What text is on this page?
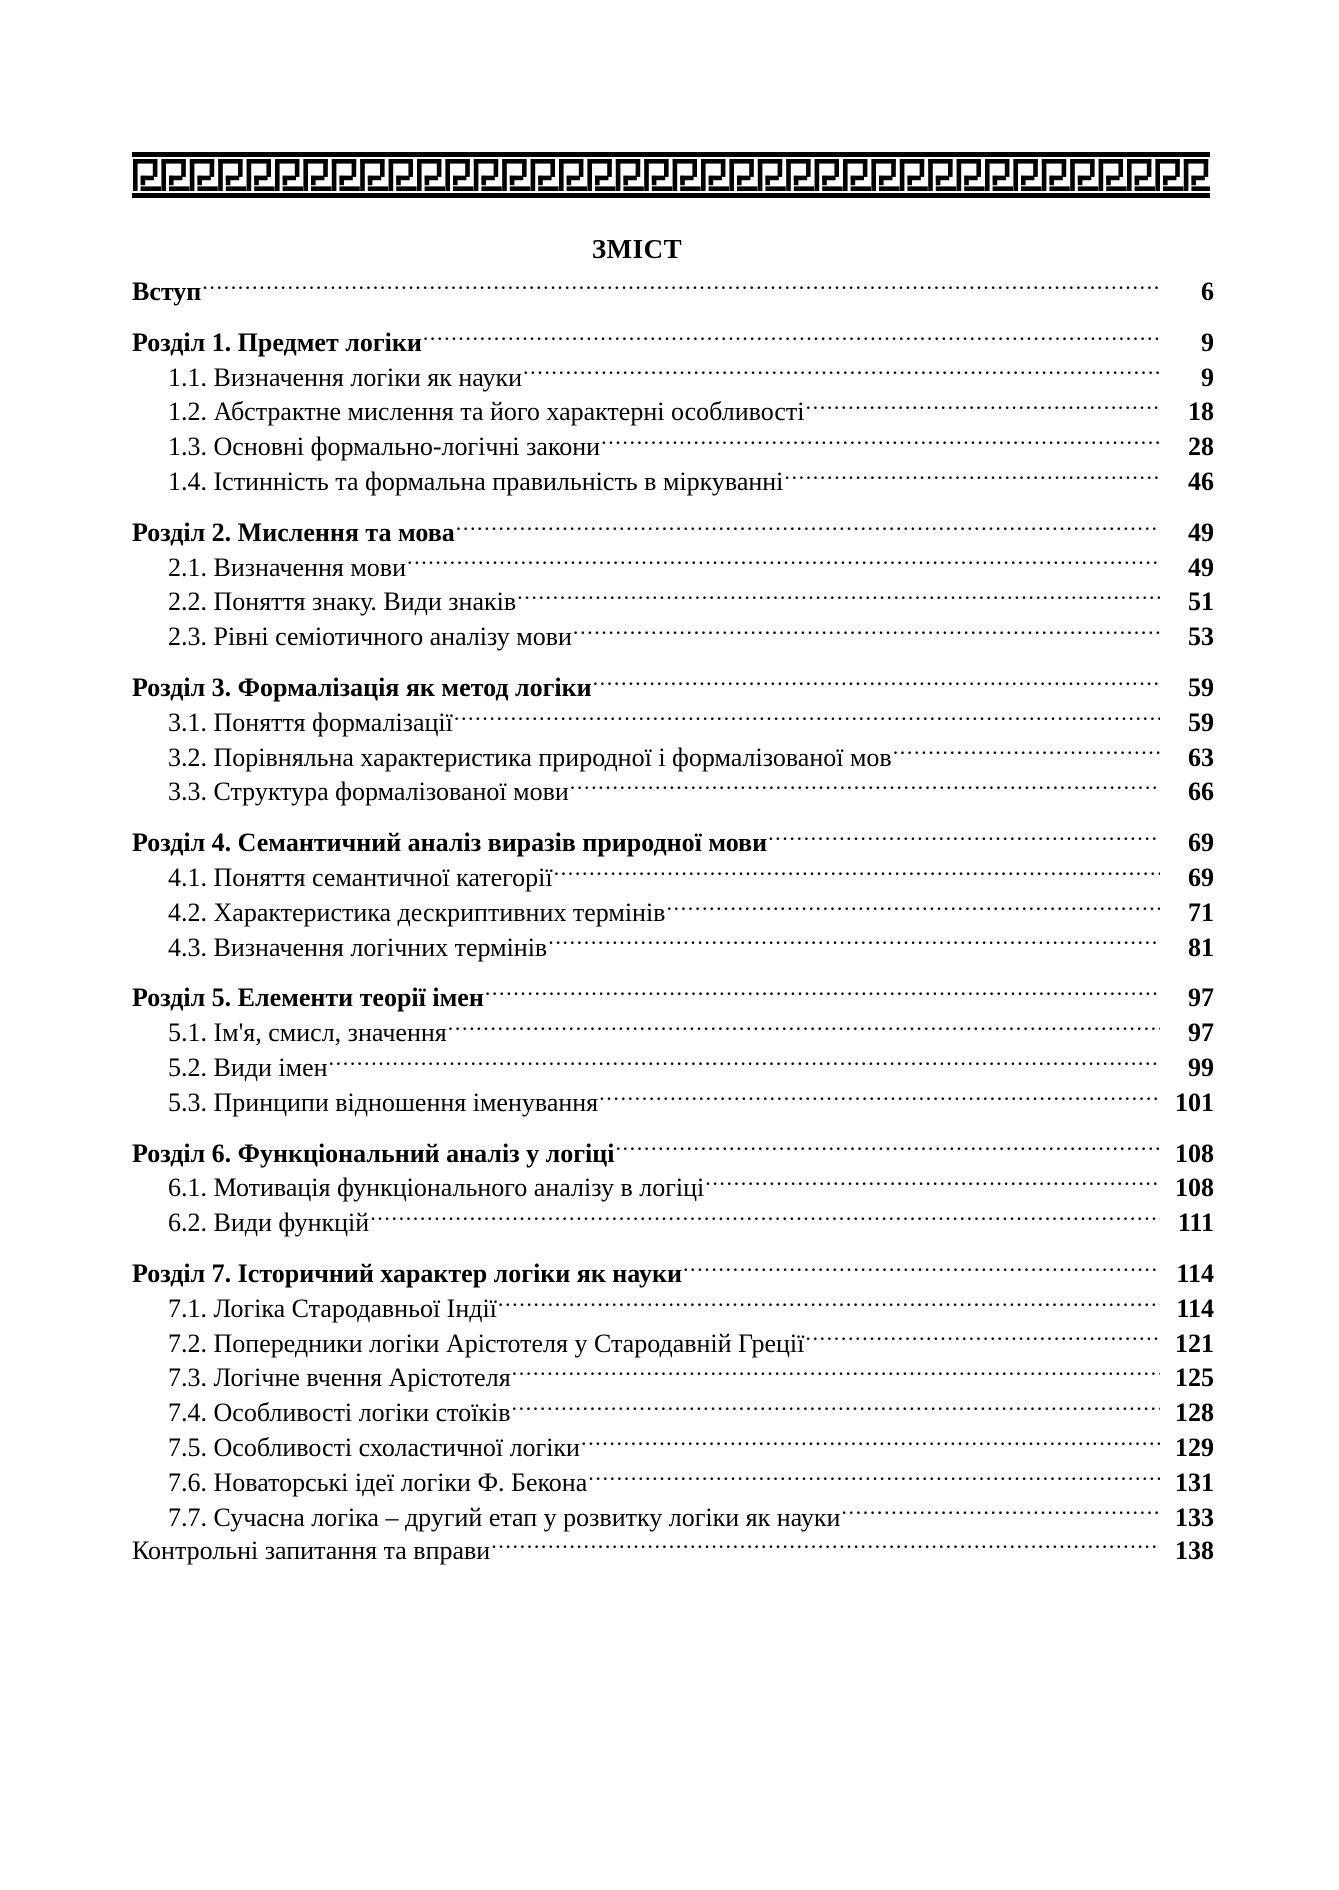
ЗМІСТ
Вступ .....	6
Розділ 1. Предмет логіки .....	9
1.1. Визначення логіки як науки .....	9
1.2. Абстрактне мислення та його характерні особливості .....	18
1.3. Основні формально-логічні закони .....	28
1.4. Істинність та формальна правильність в міркуванні .....	46
Розділ 2. Мислення та мова .....	49
2.1. Визначення мови .....	49
2.2. Поняття знаку. Види знаків .....	51
2.3. Рівні семіотичного аналізу мови .....	53
Розділ 3. Формалізація як метод логіки .....	59
3.1. Поняття формалізації .....	59
3.2. Порівняльна характеристика природної і формалізованої мов .....	63
3.3. Структура формалізованої мови .....	66
Розділ 4. Семантичний аналіз виразів природної мови .....	69
4.1. Поняття семантичної категорії .....	69
4.2. Характеристика дескриптивних термінів .....	71
4.3. Визначення логічних термінів .....	81
Розділ 5. Елементи теорії імен .....	97
5.1. Ім'я, смисл, значення .....	97
5.2. Види імен .....	99
5.3. Принципи відношення іменування .....	101
Розділ 6. Функціональний аналіз у логіці .....	108
6.1. Мотивація функціонального аналізу в логіці .....	108
6.2. Види функцій .....	111
Розділ 7. Історичний характер логіки як науки .....	114
7.1. Логіка Стародавньої Індії .....	114
7.2. Попередники логіки Арістотеля у Стародавній Греції .....	121
7.3. Логічне вчення Арістотеля .....	125
7.4. Особливості логіки стоїків .....	128
7.5. Особливості схоластичної логіки .....	129
7.6. Новаторські ідеї логіки Ф. Бекона .....	131
7.7. Сучасна логіка – другий етап у розвитку логіки як науки .....	133
Контрольні запитання та вправи .....	138
